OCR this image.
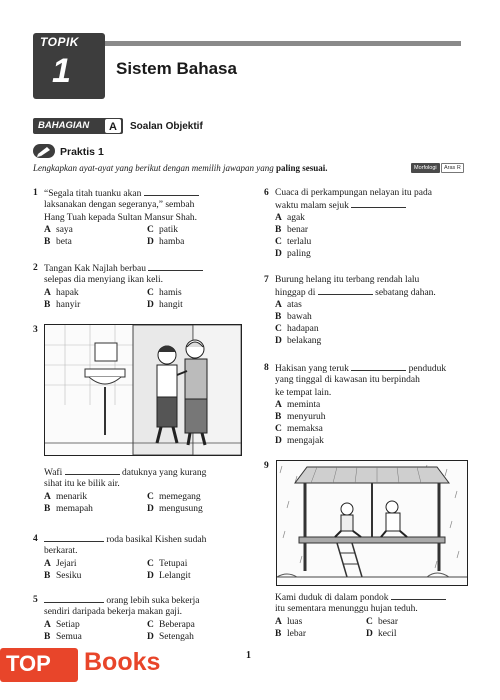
TOPIK
1	Sistem Bahasa
BAHAGIAN	A	Soalan Objektif
Praktis 1
Lengkapkan ayat-ayat yang berikut dengan memilih jawapan yang paling sesuai.	Morfologi	Aras R
1 “Segala titah tuanku akan
laksanakan dengan segeranya,” sembah
Hang Tuah kepada Sultan Mansur Shah.
A saya	C patik
B beta	D hamba
2 Tangan Kak Najlah berbau
selepas dia menyiang ikan keli.
A hapak	C hamis
B hanyir	D hangit
3
Wafi	datuknya yang kurang
sihat itu ke bilik air.
A menarik	C memegang
B memapah	D mengusung
4	roda basikal Kishen sudah
berkarat.
A Jejari	C Tetupai
B Sesiku	D Lelangit
5	orang lebih suka bekerja
sendiri daripada bekerja makan gaji.
A Setiap	C Beberapa
B Semua	D Setengah
6 Cuaca di perkampungan nelayan itu pada
waktu malam sejuk
A agak
B benar
C terlalu
D paling
7 Burung helang itu terbang rendah lalu
hinggap di	sebatang dahan.
A atas
B bawah
C hadapan
D belakang
8 Hakisan yang teruk	penduduk
yang tinggal di kawasan itu berpindah
ke tempat lain.
A meminta
B menyuruh
C memaksa
D mengajak
9
Kami duduk di dalam pondok
itu sementara menunggu hujan teduh.
A luas	C besar
B lebar	D kecil
1
TOP Books
